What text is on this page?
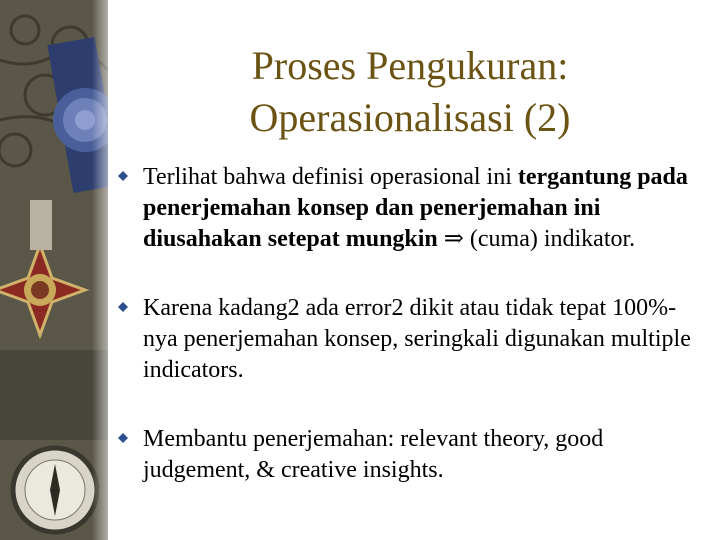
Proses Pengukuran:
Operasionalisasi (2)
Terlihat bahwa definisi operasional ini tergantung pada penerjemahan konsep dan penerjemahan ini diusahakan setepat mungkin ⇒ (cuma) indikator.
Karena kadang2 ada error2 dikit atau tidak tepat 100%-nya penerjemahan konsep, seringkali digunakan multiple indicators.
Membantu penerjemahan: relevant theory, good judgement, & creative insights.
